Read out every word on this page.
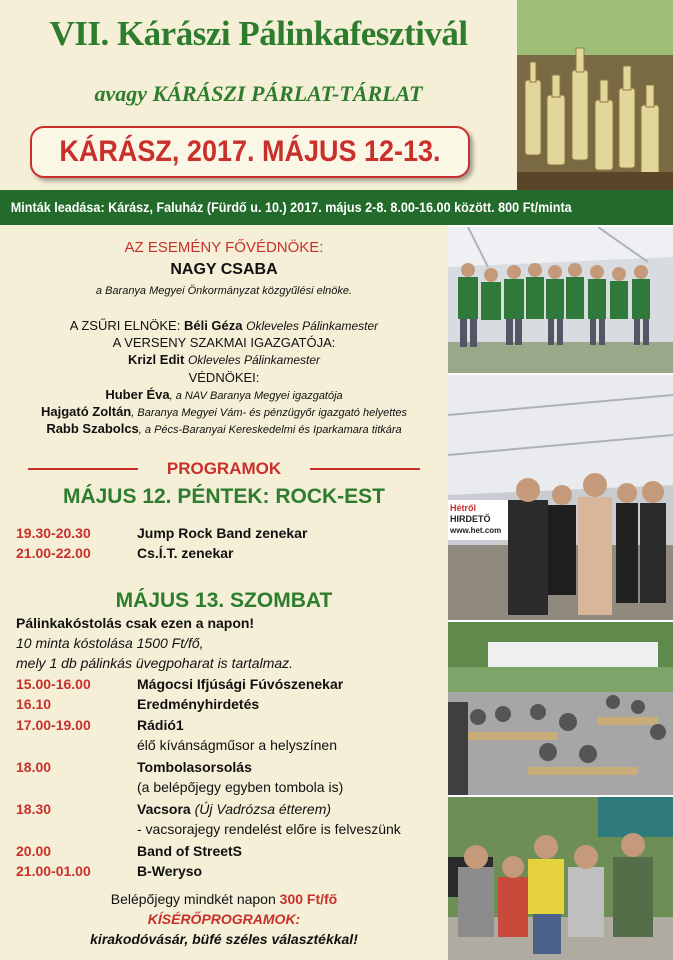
VII. Kárászi Pálinkafesztivál
avagy KÁRÁSZI PÁRLAT-TÁRLAT
KÁRÁSZ, 2017. MÁJUS 12-13.
Minták leadása: Kárász, Faluház (Fürdő u. 10.) 2017. május 2-8. 8.00-16.00 között. 800 Ft/minta
AZ ESEMÉNY FŐVÉDNÖKE:
NAGY CSABA
a Baranya Megyei Önkormányzat közgyűlési elnöke.
A ZSŰRI ELNÖKE: Béli Géza Okleveles Pálinkamester
A VERSENY SZAKMAI IGAZGATÓJA:
Krizl Edit Okleveles Pálinkamester
VÉDNÖKEI:
Huber Éva, a NAV Baranya Megyei igazgatója
Hajgató Zoltán, Baranya Megyei Vám- és pénzügyőr igazgató helyettes
Rabb Szabolcs, a Pécs-Baranyai Kereskedelmi és Iparkamara titkára
PROGRAMOK
MÁJUS 12. PÉNTEK: ROCK-EST
19.30-20.30	Jump Rock Band zenekar
21.00-22.00	Cs.Í.T. zenekar
MÁJUS 13. SZOMBAT
Pálinkakóstolás csak ezen a napon!
10 minta kóstolása 1500 Ft/fő,
mely 1 db pálinkás üvegpoharat is tartalmaz.
15.00-16.00	Mágocsi Ifjúsági Fúvószenekar
16.10	Eredményhirdetés
17.00-19.00	Rádió1
élő kívánságműsor a helyszínen
18.00	Tombolasorsolás
(a belépőjegy egyben tombola is)
18.30	Vacsora (Új Vadrózsa étterem)
- vacsorajegy rendelést előre is felveszünk
20.00	Band of StreetS
21.00-01.00	B-Weryso
Belépőjegy mindkét napon 300 Ft/fő
KÍSÉRŐPROGRAMOK:
kirakodóvásár, büfé széles választékkal!
Hétről
HIRDETŐ
www.het.com
